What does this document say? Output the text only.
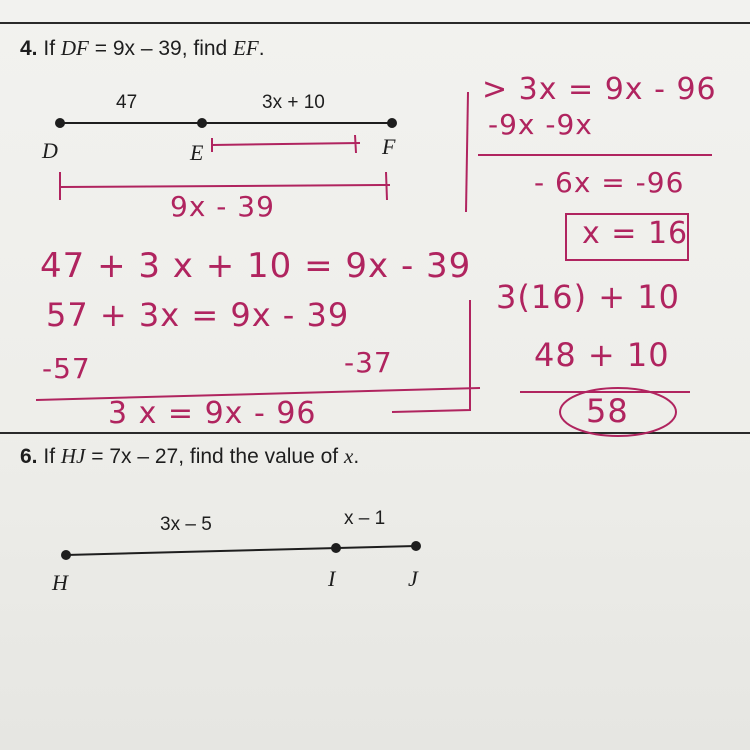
4. If DF = 9x – 39, find EF.
47	3x + 10
D	E	F
9x - 39
47 + 3 x + 10 = 9x - 39
57 + 3x = 9x - 39
-57	-37
3 x = 9x - 96
> 3x = 9x - 96
-9x -9x
- 6x = -96
x = 16
3(16) + 10
48 + 10
58
6. If HJ = 7x – 27, find the value of x.
3x – 5	x – 1
H	I	J
